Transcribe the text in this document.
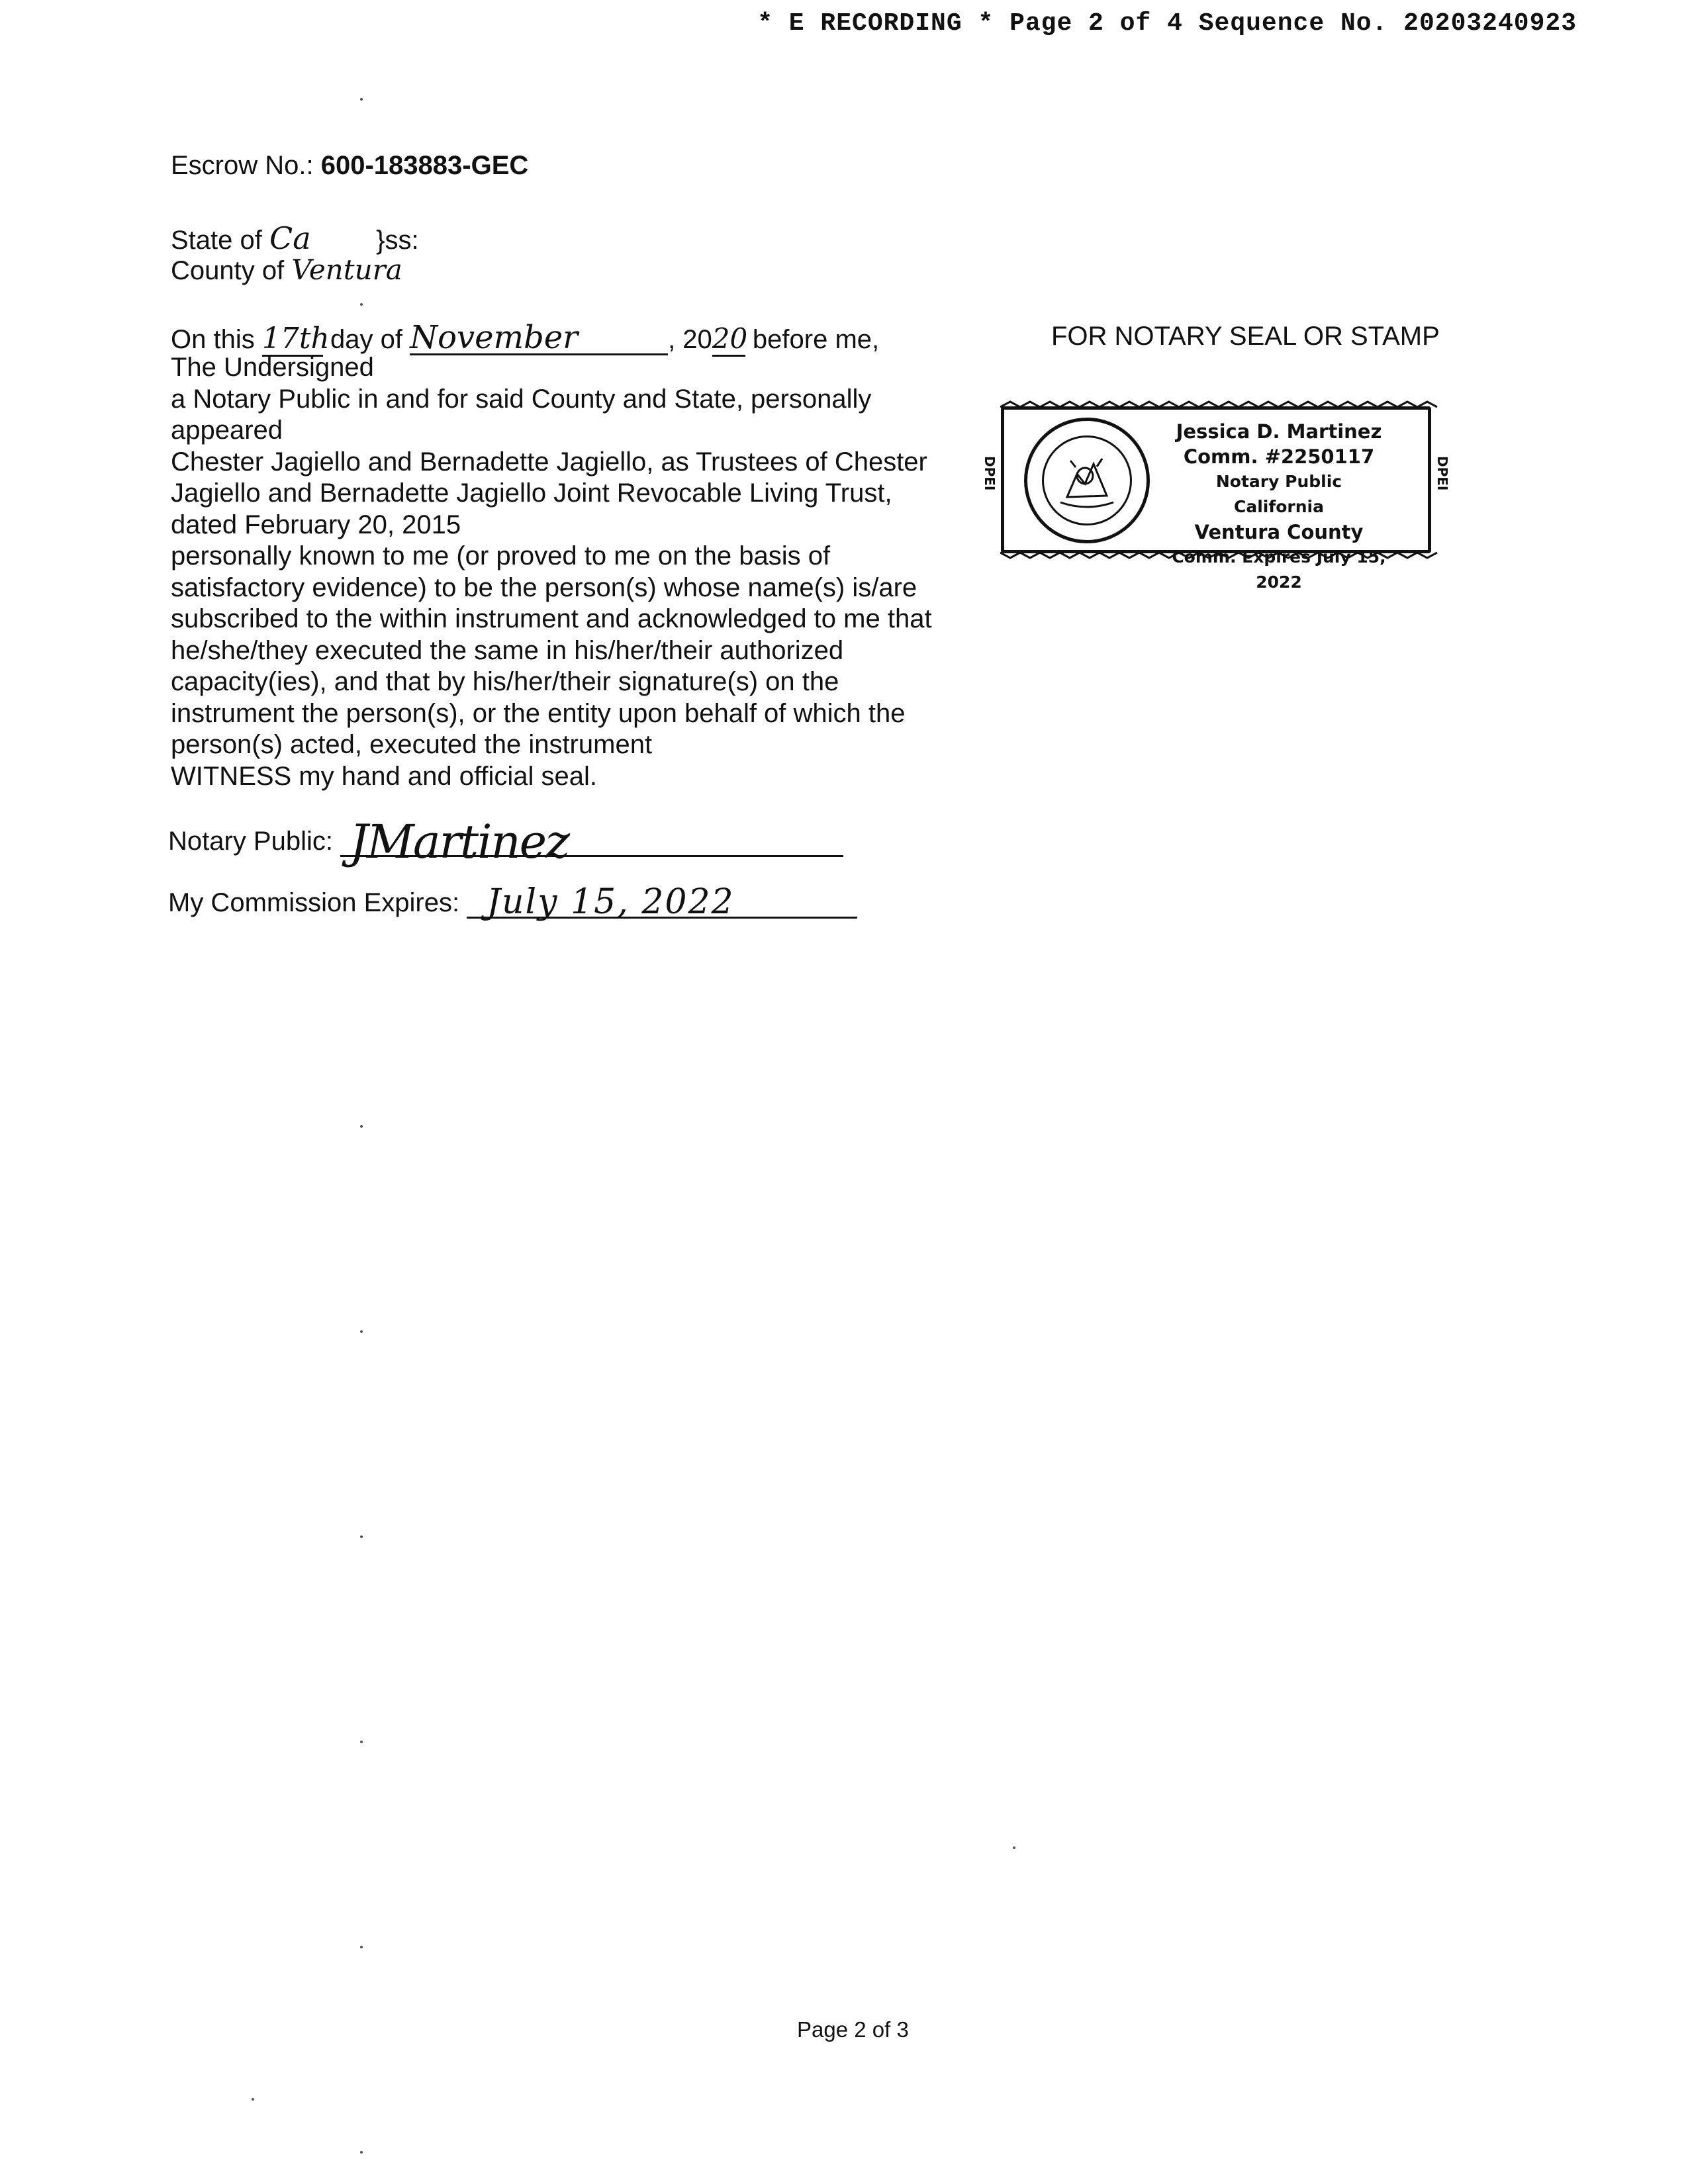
* E RECORDING * Page 2 of 4 Sequence No. 20203240923
Escrow No.: 600-183883-GEC
State of Ca }ss:
County of Ventura
On this 17th day of November	, 2020 before me,
The Undersigned
a Notary Public in and for said County and State, personally
appeared
Chester Jagiello and Bernadette Jagiello, as Trustees of Chester
Jagiello and Bernadette Jagiello Joint Revocable Living Trust,
dated February 20, 2015
personally known to me (or proved to me on the basis of
satisfactory evidence) to be the person(s) whose name(s) is/are
subscribed to the within instrument and acknowledged to me that
he/she/they executed the same in his/her/their authorized
capacity(ies), and that by his/her/their signature(s) on the
instrument the person(s), or the entity upon behalf of which the
person(s) acted, executed the instrument
WITNESS my hand and official seal.
Notary Public: JMartinez
My Commission Expires: July 15, 2022
FOR NOTARY SEAL OR STAMP
DPEI	DPEI
Jessica D. Martinez
Comm. #2250117
Notary Public California
Ventura County
Comm. Expires July 15, 2022
Page 2 of 3
